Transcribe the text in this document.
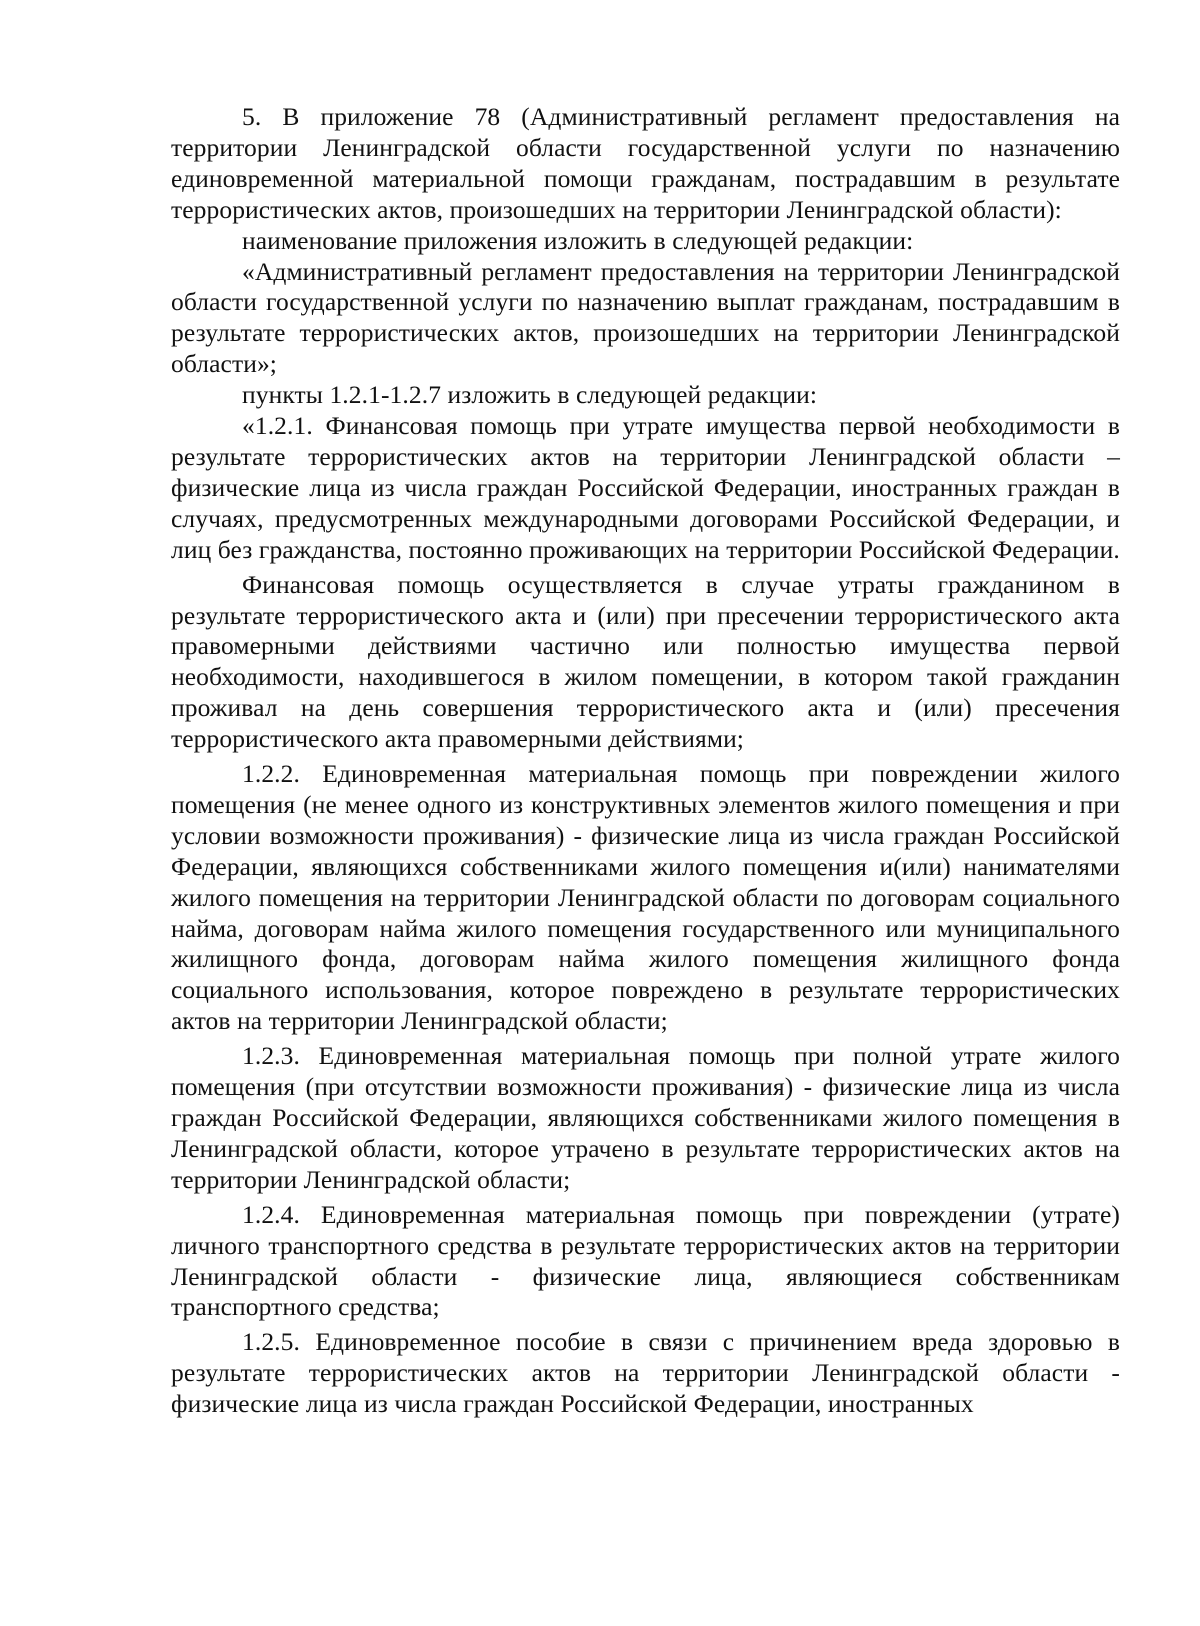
5. В приложение 78 (Административный регламент предоставления на территории Ленинградской области государственной услуги по назначению единовременной материальной помощи гражданам, пострадавшим в результате террористических актов, произошедших на территории Ленинградской области):

наименование приложения изложить в следующей редакции:

«Административный регламент предоставления на территории Ленинградской области государственной услуги по назначению выплат гражданам, пострадавшим в результате террористических актов, произошедших на территории Ленинградской области»;

пункты 1.2.1-1.2.7 изложить в следующей редакции:

«1.2.1. Финансовая помощь при утрате имущества первой необходимости в результате террористических актов на территории Ленинградской области – физические лица из числа граждан Российской Федерации, иностранных граждан в случаях, предусмотренных международными договорами Российской Федерации, и лиц без гражданства, постоянно проживающих на территории Российской Федерации.

Финансовая помощь осуществляется в случае утраты гражданином в результате террористического акта и (или) при пресечении террористического акта правомерными действиями частично или полностью имущества первой необходимости, находившегося в жилом помещении, в котором такой гражданин проживал на день совершения террористического акта и (или) пресечения террористического акта правомерными действиями;

1.2.2. Единовременная материальная помощь при повреждении жилого помещения (не менее одного из конструктивных элементов жилого помещения и при условии возможности проживания) - физические лица из числа граждан Российской Федерации, являющихся собственниками жилого помещения и(или) нанимателями жилого помещения на территории Ленинградской области по договорам социального найма, договорам найма жилого помещения государственного или муниципального жилищного фонда, договорам найма жилого помещения жилищного фонда социального использования, которое повреждено в результате террористических актов на территории Ленинградской области;

1.2.3. Единовременная материальная помощь при полной утрате жилого помещения (при отсутствии возможности проживания) - физические лица из числа граждан Российской Федерации, являющихся собственниками жилого помещения в Ленинградской области, которое утрачено в результате террористических актов на территории Ленинградской области;

1.2.4. Единовременная материальная помощь при повреждении (утрате) личного транспортного средства в результате террористических актов на территории Ленинградской области - физические лица, являющиеся собственникам транспортного средства;

1.2.5. Единовременное пособие в связи с причинением вреда здоровью в результате террористических актов на территории Ленинградской области - физические лица из числа граждан Российской Федерации, иностранных
